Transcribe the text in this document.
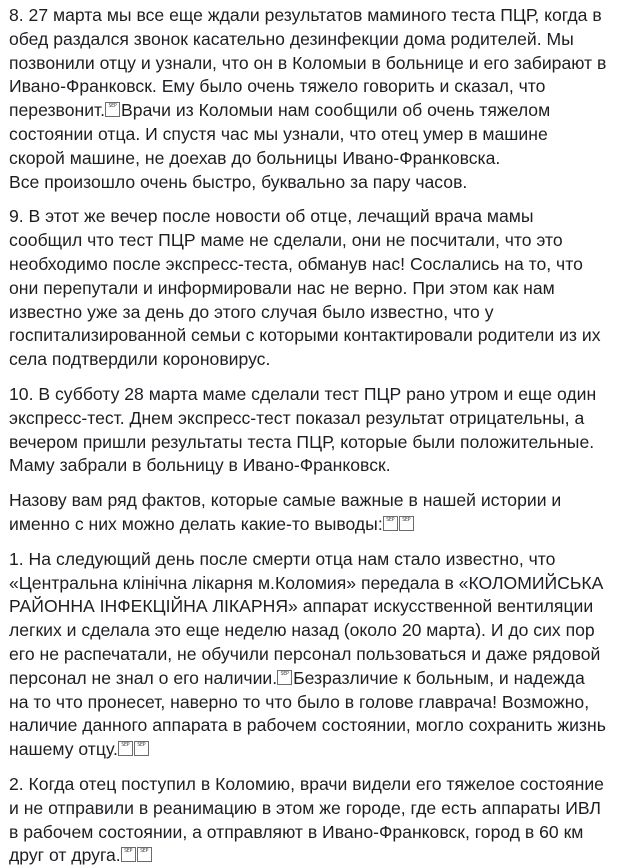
8. 27 марта мы все еще ждали результатов маминого теста ПЦР, когда в
обед раздался звонок касательно дезинфекции дома родителей. Мы
позвонили отцу и узнали, что он в Коломыи в больнице и его забирают в
Ивано-Франковск. Ему было очень тяжело говорить и сказал, что
перезвонит. SEP Врачи из Коломыи нам сообщили об очень тяжелом
состоянии отца. И спустя час мы узнали, что отец умер в машине
скорой машине, не доехав до больницы Ивано-Франковска.
Все произошло очень быстро, буквально за пару часов.

9. В этот же вечер после новости об отце, лечащий врача мамы
сообщил что тест ПЦР маме не сделали, они не посчитали, что это
необходимо после экспресс-теста, обманув нас! Сослались на то, что
они перепутали и информировали нас не верно. При этом как нам
известно уже за день до этого случая было известно, что у
госпитализированной семьи с которыми контактировали родители из их
села подтвердили короновирус.

10. В субботу 28 марта маме сделали тест ПЦР рано утром и еще один
экспресс-тест. Днем экспресс-тест показал результат отрицательны, а
вечером пришли результаты теста ПЦР, которые были положительные.
Маму забрали в больницу в Ивано-Франковск.

Назову вам ряд фактов, которые самые важные в нашей истории и
именно с них можно делать какие-то выводы: SEP SEP

1. На следующий день после смерти отца нам стало известно, что
«Центральна клінічна лікарня м.Коломия» передала в «КОЛОМИЙСЬКА
РАЙОННА ІНФЕКЦІЙНА ЛІКАРНЯ» аппарат искусственной вентиляции
легких и сделала это еще неделю назад (около 20 марта). И до сих пор
его не распечатали, не обучили персонал пользоваться и даже рядовой
персонал не знал о его наличии. SEP Безразличие к больным, и надежда
на то что пронесет, наверно то что было в голове главрача! Возможно,
наличие данного аппарата в рабочем состоянии, могло сохранить жизнь
нашему отцу. SEP SEP

2. Когда отец поступил в Коломию, врачи видели его тяжелое состояние
и не отправили в реанимацию в этом же городе, где есть аппараты ИВЛ
в рабочем состоянии, а отправляют в Ивано-Франковск, город в 60 км
друг от друга. SEP SEP
